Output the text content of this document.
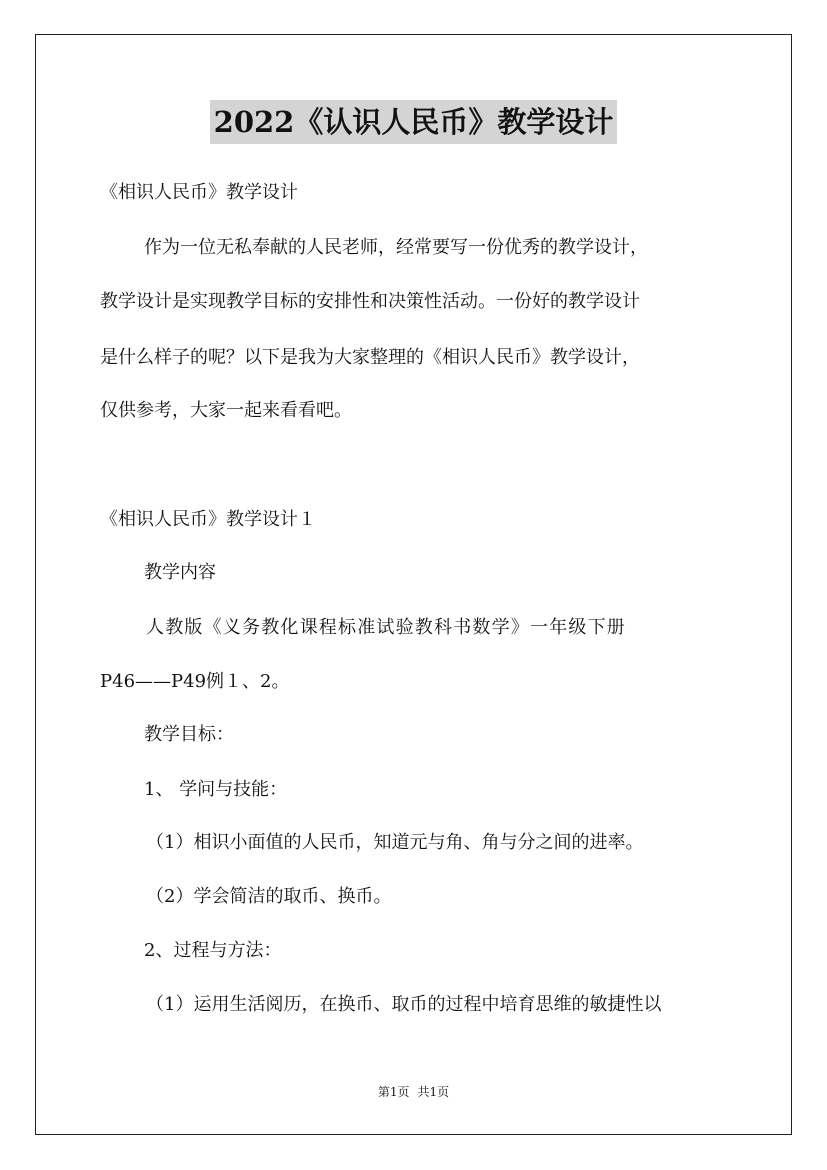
2022《认识人民币》教学设计
《相识人民币》教学设计
作为一位无私奉献的人民老师，经常要写一份优秀的教学设计，
教学设计是实现教学目标的安排性和决策性活动。一份好的教学设计
是什么样子的呢？以下是我为大家整理的《相识人民币》教学设计，
仅供参考，大家一起来看看吧。
《相识人民币》教学设计１
教学内容
人教版《义务教化课程标准试验教科书数学》一年级下册
P46——P49例１、2。
教学目标：
1、 学问与技能：
（1）相识小面值的人民币，知道元与角、角与分之间的进率。
（2）学会简洁的取币、换币。
2、过程与方法：
（1）运用生活阅历，在换币、取币的过程中培育思维的敏捷性以
第1页 共1页
